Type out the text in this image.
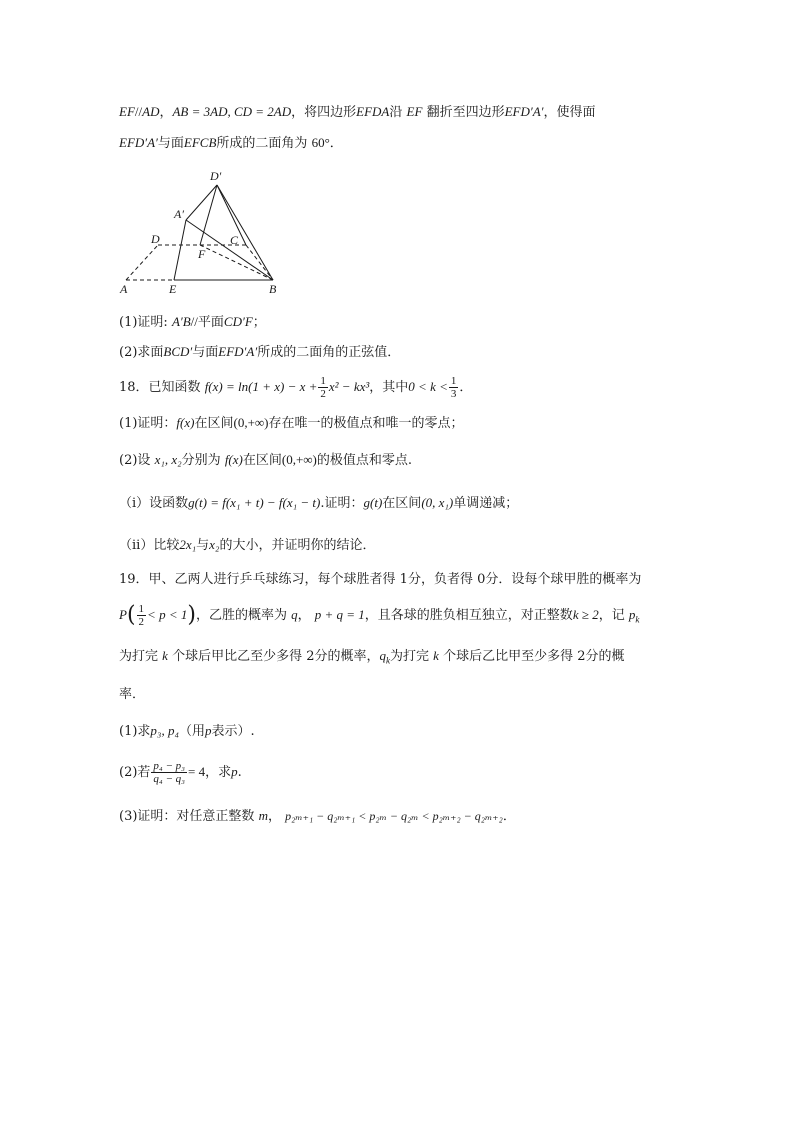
EF//AD，AB = 3AD, CD = 2AD，将四边形EFDA沿 EF 翻折至四边形EFD′A′，使得面
EFD′A′与面EFCB所成的二面角为 60°．
D′
A′
D	C
F
A	E	B
(1)证明: A′B//平面CD′F；
(2)求面BCD′与面EFD′A′所成的二面角的正弦值．
18．已知函数 $f(x) = \ln(1 + x) - x + \frac{1}{2} x^2 - kx^3$，其中$0 < k < \frac{1}{3}$ ．
(1)证明：f(x)在区间(0,+∞)存在唯一的极值点和唯一的零点；
(2)设 x₁, x₂分别为 f(x)在区间(0,+∞)的极值点和零点.
（i）设函数g(t) = f(x₁ + t) − f(x₁ − t).证明：g(t)在区间(0, x₁)单调递减；
（ii）比较2x₁与x₂的大小，并证明你的结论．
19．甲、乙两人进行乒乓球练习，每个球胜者得 1分，负者得 0分．设每个球甲胜的概率为
$P( \frac{1}{2} < p < 1)$，乙胜的概率为 q， p + q = 1，且各球的胜负相互独立，对正整数k ≥ 2，记 $p_k$
为打完 k 个球后甲比乙至少多得 2分的概率，$q_k$为打完 k 个球后乙比甲至少多得 2分的概
率．
(1)求p₃, p₄（用p表示）.
(2)若 $\frac{\text{p₄ − p₃}}{\text{q₄ − q₃}} = 4$，求p.
(3)证明：对任意正整数 m， p₂ₘ₊₁ − q₂ₘ₊₁ < p₂ₘ − q₂ₘ < p₂ₘ₊₂ − q₂ₘ₊₂．
